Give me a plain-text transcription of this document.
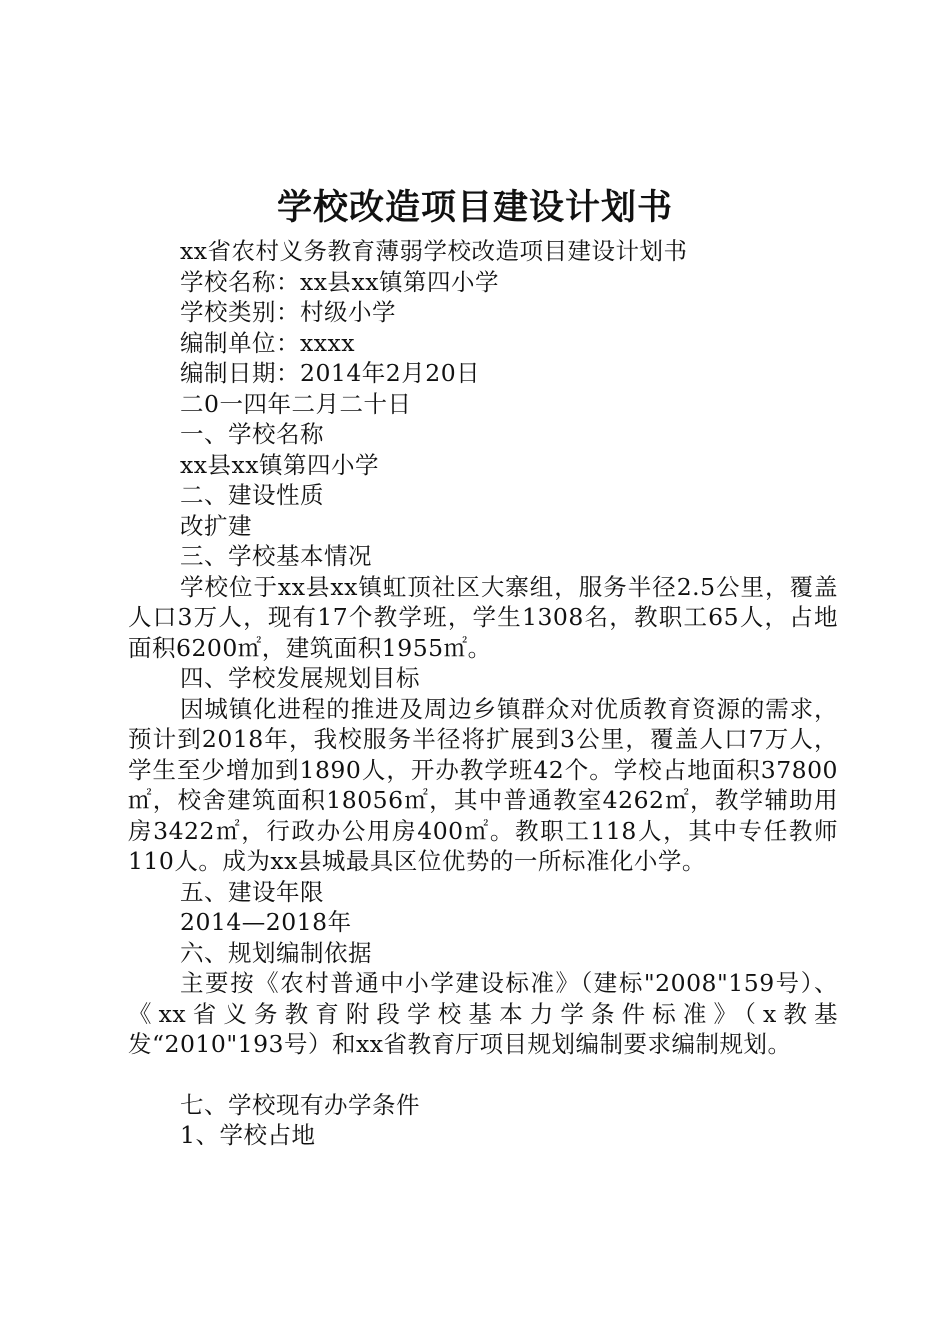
学校改造项目建设计划书
xx省农村义务教育薄弱学校改造项目建设计划书
学校名称：xx县xx镇第四小学
学校类别：村级小学
编制单位：xxxx
编制日期：2014年2月20日
二0一四年二月二十日
一、学校名称
xx县xx镇第四小学
二、建设性质
改扩建
三、学校基本情况
学校位于xx县xx镇虹顶社区大寨组，服务半径2.5公里，覆盖人口3万人，现有17个教学班，学生1308名，教职工65人，占地面积6200㎡，建筑面积1955㎡。
四、学校发展规划目标
因城镇化进程的推进及周边乡镇群众对优质教育资源的需求，预计到2018年，我校服务半径将扩展到3公里，覆盖人口7万人，学生至少增加到1890人，开办教学班42个。学校占地面积37800㎡，校舍建筑面积18056㎡，其中普通教室4262㎡，教学辅助用房3422㎡，行政办公用房400㎡。教职工118人，其中专任教师110人。成为xx县城最具区位优势的一所标准化小学。
五、建设年限
2014—2018年
六、规划编制依据
主要按《农村普通中小学建设标准》（建标"2008"159号）、《xx省义务教育附段学校基本力学条件标准》（x教基发“2010"193号）和xx省教育厅项目规划编制要求编制规划。
七、学校现有办学条件
1、学校占地
